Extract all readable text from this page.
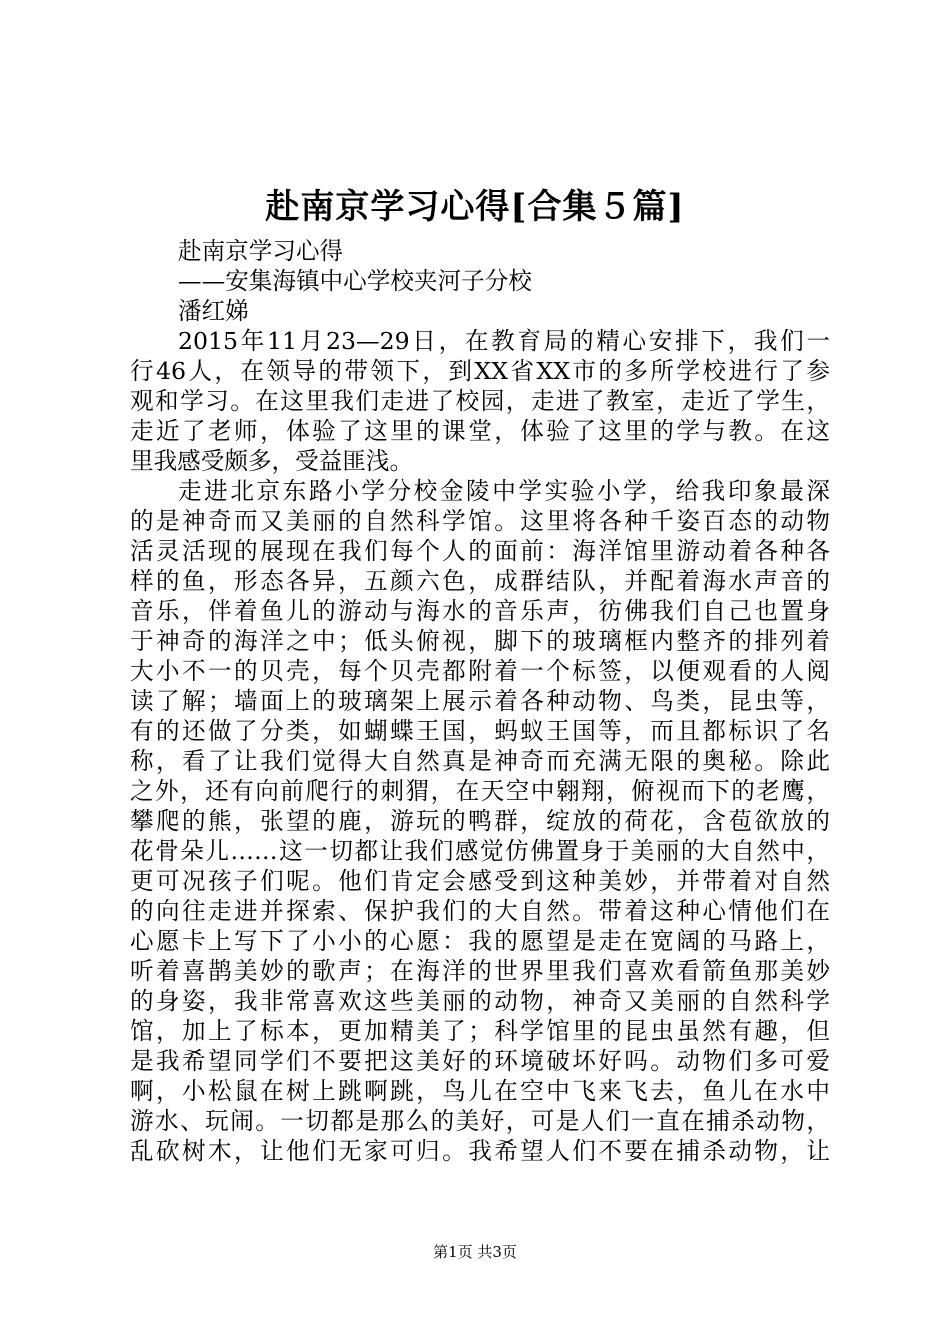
赴南京学习心得[合集５篇]
赴南京学习心得
——安集海镇中心学校夹河子分校
潘红娣
2015年11月23—29日，在教育局的精心安排下，我们一
行46人，在领导的带领下，到XX省XX市的多所学校进行了参
观和学习。在这里我们走进了校园，走进了教室，走近了学生，
走近了老师，体验了这里的课堂，体验了这里的学与教。在这
里我感受颇多，受益匪浅。
走进北京东路小学分校金陵中学实验小学，给我印象最深
的是神奇而又美丽的自然科学馆。这里将各种千姿百态的动物
活灵活现的展现在我们每个人的面前：海洋馆里游动着各种各
样的鱼，形态各异，五颜六色，成群结队，并配着海水声音的
音乐，伴着鱼儿的游动与海水的音乐声，彷佛我们自己也置身
于神奇的海洋之中；低头俯视，脚下的玻璃框内整齐的排列着
大小不一的贝壳，每个贝壳都附着一个标签，以便观看的人阅
读了解；墙面上的玻璃架上展示着各种动物、鸟类，昆虫等，
有的还做了分类，如蝴蝶王国，蚂蚁王国等，而且都标识了名
称，看了让我们觉得大自然真是神奇而充满无限的奥秘。除此
之外，还有向前爬行的刺猬，在天空中翱翔，俯视而下的老鹰，
攀爬的熊，张望的鹿，游玩的鸭群，绽放的荷花，含苞欲放的
花骨朵儿……这一切都让我们感觉仿佛置身于美丽的大自然中，
更可况孩子们呢。他们肯定会感受到这种美妙，并带着对自然
的向往走进并探索、保护我们的大自然。带着这种心情他们在
心愿卡上写下了小小的心愿：我的愿望是走在宽阔的马路上，
听着喜鹊美妙的歌声；在海洋的世界里我们喜欢看箭鱼那美妙
的身姿，我非常喜欢这些美丽的动物，神奇又美丽的自然科学
馆，加上了标本，更加精美了；科学馆里的昆虫虽然有趣，但
是我希望同学们不要把这美好的环境破坏好吗。动物们多可爱
啊，小松鼠在树上跳啊跳，鸟儿在空中飞来飞去，鱼儿在水中
游水、玩闹。一切都是那么的美好，可是人们一直在捕杀动物，
乱砍树木，让他们无家可归。我希望人们不要在捕杀动物，让
第1页 共3页
